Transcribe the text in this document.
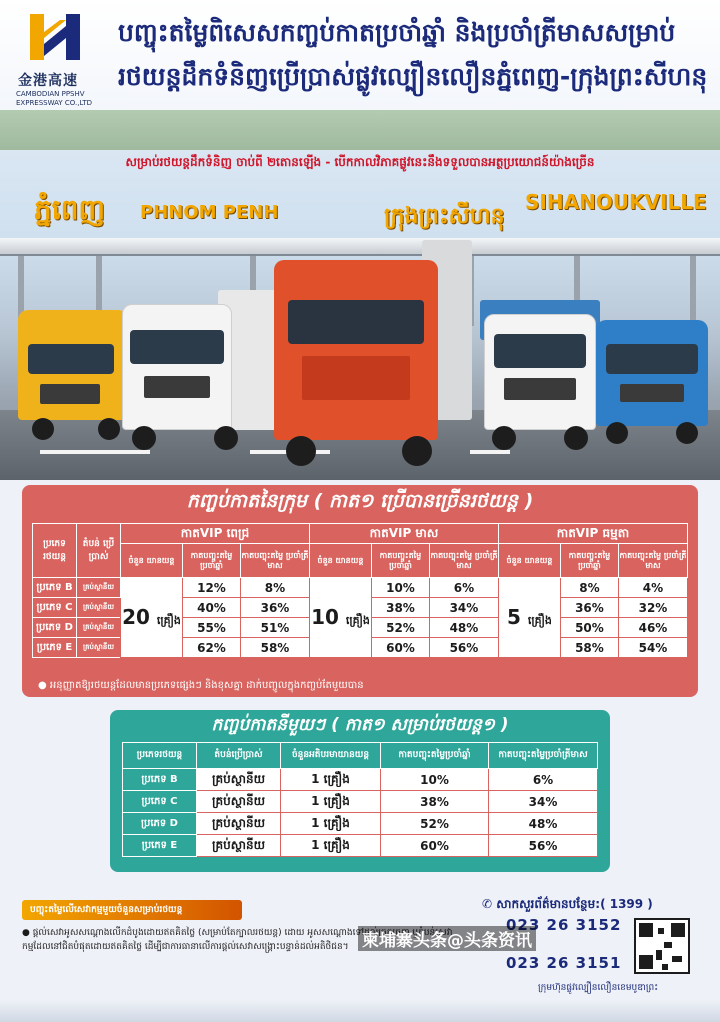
金港高速
CAMBODIAN PPSHV
EXPRESSWAY CO.,LTD
បញ្ចុះតម្លៃពិសេសកញ្ចប់កាតប្រចាំឆ្នាំ និងប្រចាំត្រីមាសសម្រាប់
រថយន្តដឹកទំនិញប្រើប្រាស់ផ្លូវល្បឿនលឿនភ្នំពេញ-ក្រុងព្រះសីហនុ
សម្រាប់រថយន្តដឹកទំនិញ ចាប់ពី ២តោនឡើង - បើកកាលវិភាគផ្លូវនេះនឹងទទួលបានអត្ថប្រយោជន៍យ៉ាងច្រើន
ភ្នំពេញ PHNOM PENH	ក្រុងព្រះសីហនុ
SIHANOUKVILLE
កញ្ចប់កាតនៃក្រុម ( កាត១ ប្រើបានច្រើនរថយន្ត )
ប្រភេទ រថយន្ត	តំបន់ ប្រើប្រាស់	កាតVIP ពេជ្រ			កាតVIP មាស			កាតVIP ធម្មតា		
		ចំនួន យានយន្ត	កាតបញ្ចុះតម្លៃ ប្រចាំឆ្នាំ	កាតបញ្ចុះតម្លៃ ប្រចាំត្រីមាស	ចំនួន យានយន្ត	កាតបញ្ចុះតម្លៃ ប្រចាំឆ្នាំ	កាតបញ្ចុះតម្លៃ ប្រចាំត្រីមាស	ចំនួន យានយន្ត	កាតបញ្ចុះតម្លៃ ប្រចាំឆ្នាំ	កាតបញ្ចុះតម្លៃ ប្រចាំត្រីមាស
ប្រភេទ B	គ្រប់ស្ថានីយ	20 គ្រឿង	12%	8%	10 គ្រឿង	10%	6%	5 គ្រឿង	8%	4%
ប្រភេទ C	គ្រប់ស្ថានីយ		40%	36%		38%	34%		36%	32%
ប្រភេទ D	គ្រប់ស្ថានីយ		55%	51%		52%	48%		50%	46%
ប្រភេទ E	គ្រប់ស្ថានីយ		62%	58%		60%	56%		58%	54%
● អនុញ្ញាតឱ្យរថយន្តដែលមានប្រភេទផ្សេងៗ និងខុសគ្នា ដាក់បញ្ចូលក្នុងកញ្ចប់តែមួយបាន
កញ្ចប់កាតនីមួយៗ ( កាត១ សម្រាប់រថយន្ត១ )
ប្រភេទរថយន្ត	តំបន់ប្រើប្រាស់	ចំនួនអតិបរមាយានយន្ត	កាតបញ្ចុះតម្លៃប្រចាំឆ្នាំ	កាតបញ្ចុះតម្លៃប្រចាំត្រីមាស
ប្រភេទ B	គ្រប់ស្ថានីយ	1 គ្រឿង	10%	6%
ប្រភេទ C	គ្រប់ស្ថានីយ	1 គ្រឿង	38%	34%
ប្រភេទ D	គ្រប់ស្ថានីយ	1 គ្រឿង	52%	48%
ប្រភេទ E	គ្រប់ស្ថានីយ	1 គ្រឿង	60%	56%
បញ្ចុះតម្លៃលើសេវាកម្មមួយចំនួនសម្រាប់រថយន្ត
● ផ្តល់សេវាអូសសណ្តោងលើកដំបូងដោយឥតគិតថ្លៃ (សម្រាប់តែក្បាលរថយន្ត) ដោយ អូសសណ្តោងទៅដល់ច្រកចេញ ឬតំបន់សេវាកម្មដែលនៅជិតបំផុតដោយឥតគិតថ្លៃ ដើម្បីជាការធានាលើការផ្តល់សេវាសង្គ្រោះបន្ទាន់ដល់អតិថិជន។
✆ សាកសួរព័ត៌មានបន្ថែម:( 1399 )
023 26 3152
023 26 3151
柬埔寨头条@头条资讯
ក្រុមហ៊ុនផ្លូវល្បឿនលឿនខេមបូឌាព្រះ
